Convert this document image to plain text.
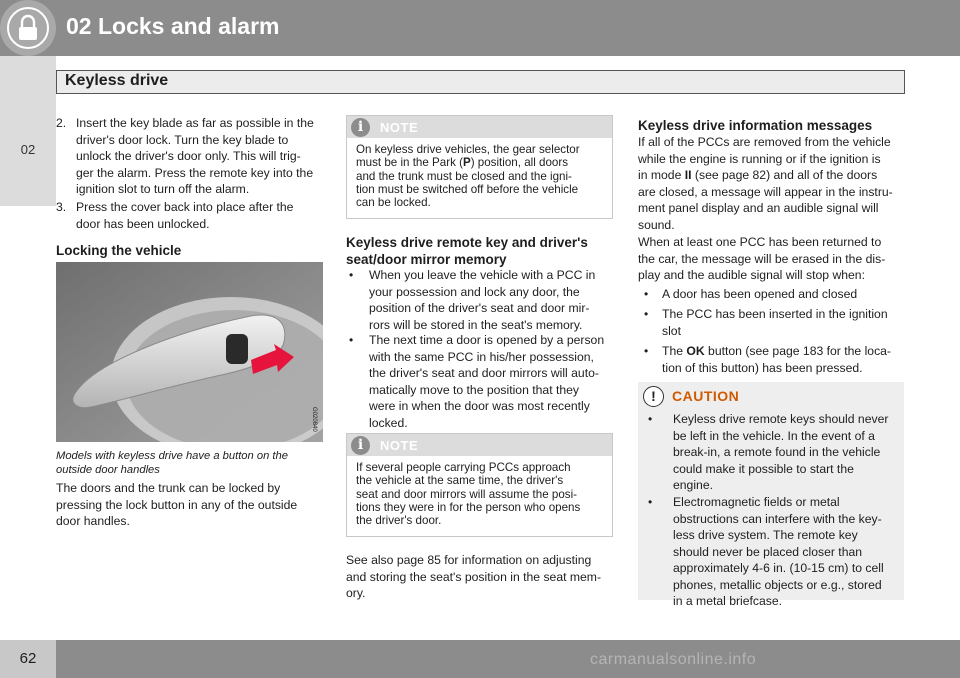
02 Locks and alarm
02
Keyless drive
2. Insert the key blade as far as possible in the
driver's door lock. Turn the key blade to
unlock the driver's door only. This will trig-
ger the alarm. Press the remote key into the
ignition slot to turn off the alarm.
3. Press the cover back into place after the
door has been unlocked.
Locking the vehicle
G020840
Models with keyless drive have a button on the
outside door handles
The doors and the trunk can be locked by
pressing the lock button in any of the outside
door handles.
i	NOTE
On keyless drive vehicles, the gear selector
must be in the Park (P) position, all doors
and the trunk must be closed and the igni-
tion must be switched off before the vehicle
can be locked.
Keyless drive remote key and driver's
seat/door mirror memory
•	When you leave the vehicle with a PCC in
your possession and lock any door, the
position of the driver's seat and door mir-
rors will be stored in the seat's memory.
•	The next time a door is opened by a person
with the same PCC in his/her possession,
the driver's seat and door mirrors will auto-
matically move to the position that they
were in when the door was most recently
locked.
i	NOTE
If several people carrying PCCs approach
the vehicle at the same time, the driver's
seat and door mirrors will assume the posi-
tions they were in for the person who opens
the driver's door.
See also page 85 for information on adjusting
and storing the seat's position in the seat mem-
ory.
Keyless drive information messages
If all of the PCCs are removed from the vehicle
while the engine is running or if the ignition is
in mode II (see page 82) and all of the doors
are closed, a message will appear in the instru-
ment panel display and an audible signal will
sound.
When at least one PCC has been returned to
the car, the message will be erased in the dis-
play and the audible signal will stop when:
•	A door has been opened and closed
•	The PCC has been inserted in the ignition
slot
•	The OK button (see page 183 for the loca-
tion of this button) has been pressed.
!	CAUTION
•	Keyless drive remote keys should never
be left in the vehicle. In the event of a
break-in, a remote found in the vehicle
could make it possible to start the
engine.
•	Electromagnetic fields or metal
obstructions can interfere with the key-
less drive system. The remote key
should never be placed closer than
approximately 4-6 in. (10-15 cm) to cell
phones, metallic objects or e.g., stored
in a metal briefcase.
62	carmanualsonline.info
